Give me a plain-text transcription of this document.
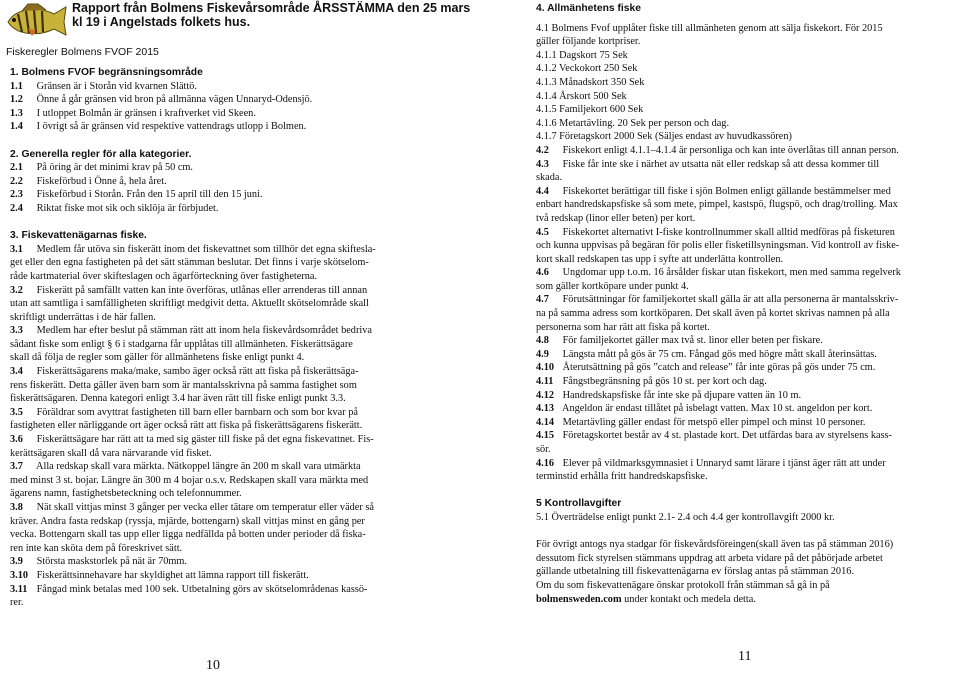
Rapport från Bolmens Fiskevårsområde ÅRSSTÄMMA den 25 mars kl 19 i Angelstads folkets hus.
Fiskeregler Bolmens FVOF 2015
1. Bolmens FVOF begränsningsområde
1.1 Gränsen är i Storån vid kvarnen Slättö.
1.2 Önne å går gränsen vid bron på allmänna vägen Unnaryd-Odensjö.
1.3 I utloppet Bolmån är gränsen i kraftverket vid Skeen.
1.4 I övrigt så är gränsen vid respektive vattendrags utlopp i Bolmen.
2. Generella regler för alla kategorier.
2.1 På öring är det minimi krav på 50 cm.
2.2 Fiskeförbud i Önne å, hela året.
2.3 Fiskeförbud i Storån. Från den 15 april till den 15 juni.
2.4 Riktat fiske mot sik och siklöja är förbjudet.
3. Fiskevattenägarnas fiske.
3.1 Medlem får utöva sin fiskerätt inom det fiskevattnet som tillhör det egna skiftesla-
get eller den egna fastigheten på det sätt stämman beslutar. Det finns i varje skötselom-
råde kartmaterial över skifteslagen och ägarförteckning över fastigheterna.
3.2 Fiskerätt på samfällt vatten kan inte överföras, utlånas eller arrenderas till annan
utan att samtliga i samfälligheten skriftligt medgivit detta. Aktuellt skötselområde skall
skriftligt underrättas i de här fallen.
3.3 Medlem har efter beslut på stämman rätt att inom hela fiskevårdsområdet bedriva
sådant fiske som enligt § 6 i stadgarna får upplåtas till allmänheten. Fiskerättsägare
skall då följa de regler som gäller för allmänhetens fiske enligt punkt 4.
3.4 Fiskerättsägarens maka/make, sambo äger också rätt att fiska på fiskerättsäga-
rens fiskerätt. Detta gäller även barn som är mantalsskrivna på samma fastighet som
fiskerättsägaren. Denna kategori enligt 3.4 har även rätt till fiske enligt punkt 3.3.
3.5 Föräldrar som avyttrat fastigheten till barn eller barnbarn och som bor kvar på
fastigheten eller närliggande ort äger också rätt att fiska på fiskerättsägarens fiskerätt.
3.6 Fiskerättsägare har rätt att ta med sig gäster till fiske på det egna fiskevattnet. Fis-
kerättsägaren skall då vara närvarande vid fisket.
3.7 Alla redskap skall vara märkta. Nätkoppel längre än 200 m skall vara utmärkta
med minst 3 st. bojar. Längre än 300 m 4 bojar o.s.v. Redskapen skall vara märkta med
ägarens namn, fastighetsbeteckning och telefonnummer.
3.8 Nät skall vittjas minst 3 gånger per vecka eller tätare om temperatur eller väder så
kräver. Andra fasta redskap (ryssja, mjärde, bottengarn) skall vittjas minst en gång per
vecka. Bottengarn skall tas upp eller ligga nedfällda på botten under perioder då fiska-
ren inte kan sköta dem på föreskrivet sätt.
3.9 Största maskstorlek på nät är 70mm.
3.10 Fiskerättsinnehavare har skyldighet att lämna rapport till fiskerätt.
3.11 Fångad mink betalas med 100 sek. Utbetalning görs av skötselområdenas kassö-
rer.
10
4. Allmänhetens fiske
4.1 Bolmens Fvof upplåter fiske till allmänheten genom att sälja fiskekort. För 2015
gäller följande kortpriser.
4.1.1 Dagskort 75 Sek
4.1.2 Veckokort 250 Sek
4.1.3 Månadskort 350 Sek
4.1.4 Årskort 500 Sek
4.1.5 Familjekort 600 Sek
4.1.6 Metartävling. 20 Sek per person och dag.
4.1.7 Företagskort 2000 Sek (Säljes endast av huvudkassören)
4.2 Fiskekort enligt 4.1.1–4.1.4 är personliga och kan inte överlåtas till annan person.
4.3 Fiske får inte ske i närhet av utsatta nät eller redskap så att dessa kommer till
skada.
4.4 Fiskekortet berättigar till fiske i sjön Bolmen enligt gällande bestämmelser med
enbart handredskapsfiske så som mete, pimpel, kastspö, flugspö, och drag/trolling. Max
två redskap (linor eller beten) per kort.
4.5 Fiskekortet alternativt I-fiske kontrollnummer skall alltid medföras på fisketuren
och kunna uppvisas på begäran för polis eller fisketillsyningsman. Vid kontroll av fiske-
kort skall redskapen tas upp i syfte att underlätta kontrollen.
4.6 Ungdomar upp t.o.m. 16 årsålder fiskar utan fiskekort, men med samma regelverk
som gäller kortköpare under punkt 4.
4.7 Förutsättningar för familjekortet skall gälla är att alla personerna är mantalsskriv-
na på samma adress som kortköparen. Det skall även på kortet skrivas namnen på alla
personerna som har rätt att fiska på kortet.
4.8 För familjekortet gäller max två st. linor eller beten per fiskare.
4.9 Längsta mått på gös är 75 cm. Fångad gös med högre mått skall återinsättas.
4.10 Återutsättning på gös ”catch and release” får inte göras på gös under 75 cm.
4.11 Fångstbegränsning på gös 10 st. per kort och dag.
4.12 Handredskapsfiske får inte ske på djupare vatten än 10 m.
4.13 Angeldon är endast tillåtet på isbelagt vatten. Max 10 st. angeldon per kort.
4.14 Metartävling gäller endast för metspö eller pimpel och minst 10 personer.
4.15 Företagskortet består av 4 st. plastade kort. Det utfärdas bara av styrelsens kass-
sör.
4.16 Elever på vildmarksgymnasiet i Unnaryd samt lärare i tjänst äger rätt att under
terminstid erhålla fritt handredskapsfiske.
5 Kontrollavgifter
5.1 Överträdelse enligt punkt 2.1- 2.4 och 4.4 ger kontrollavgift 2000 kr.
För övrigt antogs nya stadgar för fiskevårdsföreingen(skall även tas på stämman 2016)
dessutom fick styrelsen stämmans uppdrag att arbeta vidare på det påbörjade arbetet
gällande utbetalning till fiskevattenägarna ev förslag antas på stämman 2016.
Om du som fiskevattenägare önskar protokoll från stämman så gå in på
bolmensweden.com under kontakt och medela detta.
11
